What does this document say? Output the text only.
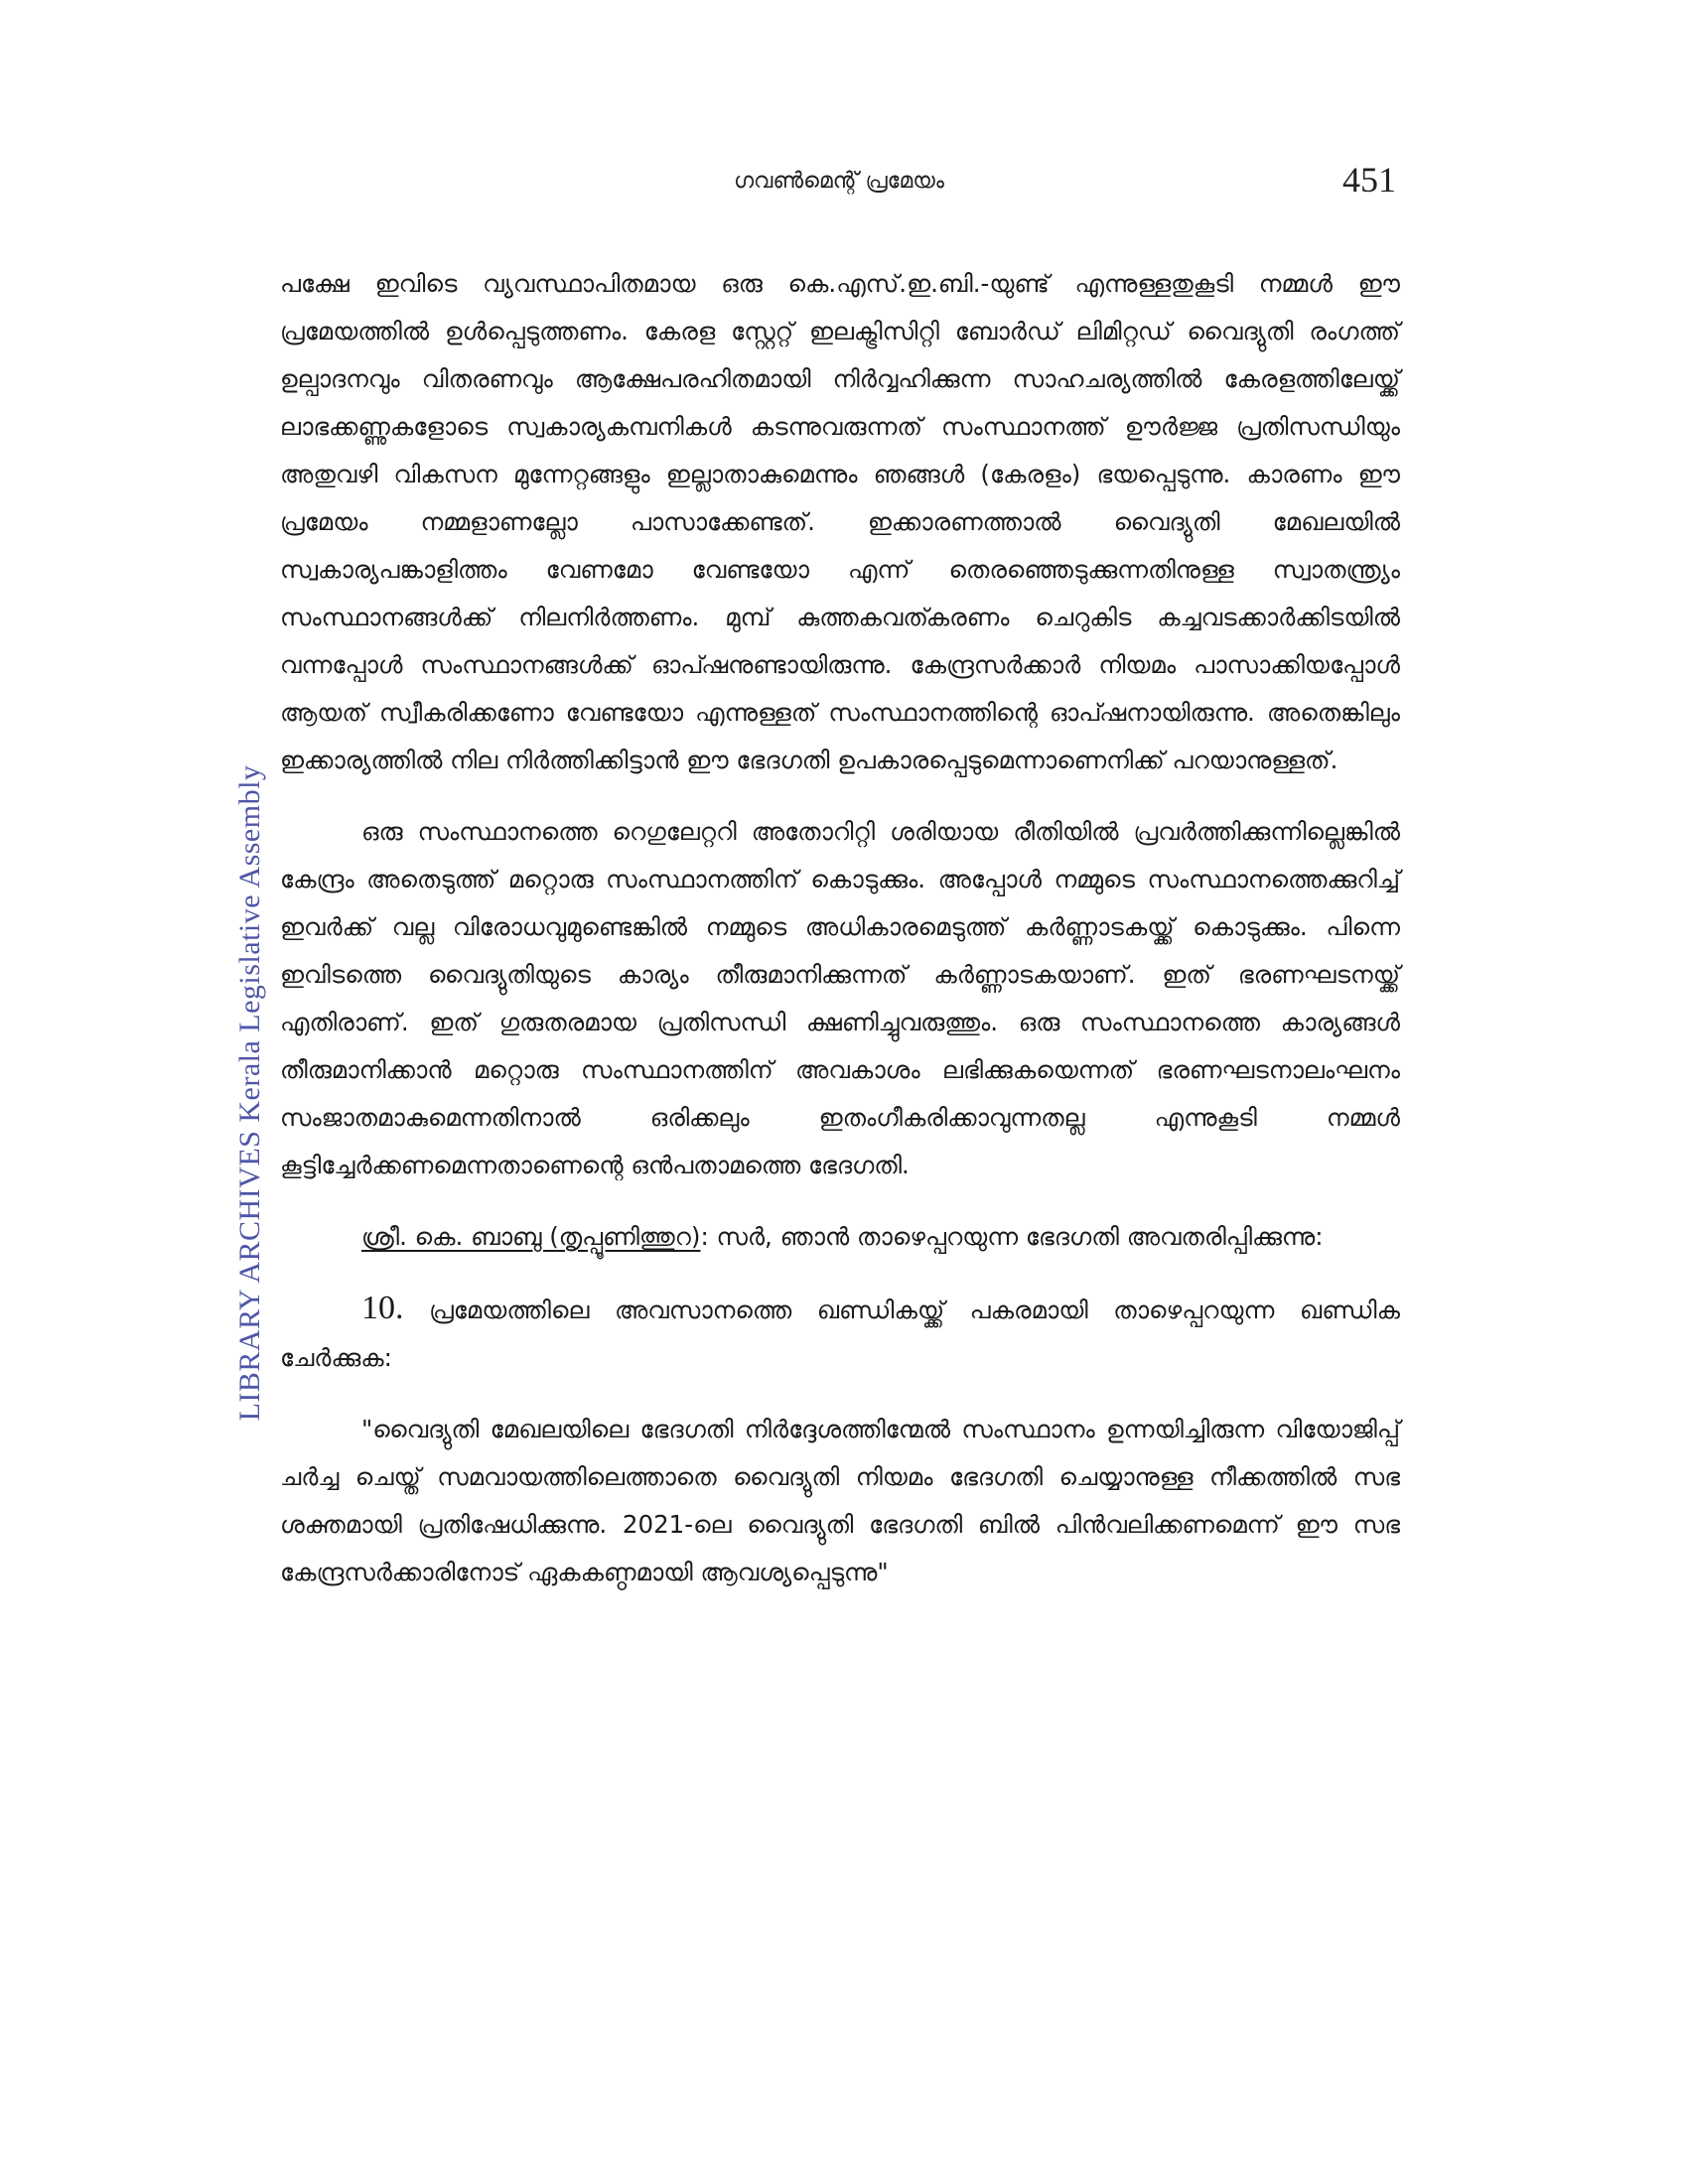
ഗവൺമെന്റ് പ്രമേയം	451
LIBRARY ARCHIVES Kerala Legislative Assembly

പക്ഷേ ഇവിടെ വ്യവസ്ഥാപിതമായ ഒരു കെ.എസ്.ഇ.ബി.-യുണ്ട് എന്നുള്ളതുകൂടി നമ്മൾ ഈ പ്രമേയത്തിൽ ഉൾപ്പെടുത്തണം. കേരള സ്റ്റേറ്റ് ഇലക്ട്രിസിറ്റി ബോർഡ് ലിമിറ്റഡ് വൈദ്യുതി രംഗത്ത് ഉല്പാദനവും വിതരണവും ആക്ഷേപരഹിതമായി നിർവ്വഹിക്കുന്ന സാഹചര്യത്തിൽ കേരളത്തിലേയ്ക്ക് ലാഭക്കണ്ണുകളോടെ സ്വകാര്യകമ്പനികൾ കടന്നുവരുന്നത് സംസ്ഥാനത്ത് ഊർജ്ജ പ്രതിസന്ധിയും അതുവഴി വികസന മുന്നേറ്റങ്ങളും ഇല്ലാതാകുമെന്നും ഞങ്ങൾ (കേരളം) ഭയപ്പെടുന്നു. കാരണം ഈ പ്രമേയം നമ്മളാണല്ലോ പാസാക്കേണ്ടത്. ഇക്കാരണത്താൽ വൈദ്യുതി മേഖലയിൽ സ്വകാര്യപങ്കാളിത്തം വേണമോ വേണ്ടയോ എന്ന് തെരഞ്ഞെടുക്കുന്നതിനുള്ള സ്വാതന്ത്ര്യം സംസ്ഥാനങ്ങൾക്ക് നിലനിർത്തണം. മുമ്പ് കുത്തകവത്കരണം ചെറുകിട കച്ചവടക്കാർക്കിടയിൽ വന്നപ്പോൾ സംസ്ഥാനങ്ങൾക്ക് ഓപ്ഷനുണ്ടായിരുന്നു. കേന്ദ്രസർക്കാർ നിയമം പാസാക്കിയപ്പോൾ ആയത് സ്വീകരിക്കണോ വേണ്ടയോ എന്നുള്ളത് സംസ്ഥാനത്തിന്റെ ഓപ്ഷനായിരുന്നു. അതെങ്കിലും ഇക്കാര്യത്തിൽ നില നിർത്തിക്കിട്ടാൻ ഈ ഭേദഗതി ഉപകാരപ്പെടുമെന്നാണെനിക്ക് പറയാനുള്ളത്.

ഒരു സംസ്ഥാനത്തെ റെഗുലേറ്ററി അതോറിറ്റി ശരിയായ രീതിയിൽ പ്രവർത്തിക്കുന്നില്ലെങ്കിൽ കേന്ദ്രം അതെടുത്ത് മറ്റൊരു സംസ്ഥാനത്തിന് കൊടുക്കും. അപ്പോൾ നമ്മുടെ സംസ്ഥാനത്തെക്കുറിച്ച് ഇവർക്ക് വല്ല വിരോധവുമുണ്ടെങ്കിൽ നമ്മുടെ അധികാരമെടുത്ത് കർണ്ണാടകയ്ക്ക് കൊടുക്കും. പിന്നെ ഇവിടത്തെ വൈദ്യുതിയുടെ കാര്യം തീരുമാനിക്കുന്നത് കർണ്ണാടകയാണ്. ഇത് ഭരണഘടനയ്ക്ക് എതിരാണ്. ഇത് ഗുരുതരമായ പ്രതിസന്ധി ക്ഷണിച്ചുവരുത്തും. ഒരു സംസ്ഥാനത്തെ കാര്യങ്ങൾ തീരുമാനിക്കാൻ മറ്റൊരു സംസ്ഥാനത്തിന് അവകാശം ലഭിക്കുകയെന്നത് ഭരണഘടനാലംഘനം സംജാതമാകുമെന്നതിനാൽ ഒരിക്കലും ഇതംഗീകരിക്കാവുന്നതല്ല എന്നുകൂടി നമ്മൾ കൂട്ടിച്ചേർക്കണമെന്നതാണെന്റെ ഒൻപതാമത്തെ ഭേദഗതി.

ശ്രീ. കെ. ബാബു (തൃപ്പൂണിത്തുറ): സർ, ഞാൻ താഴെപ്പറയുന്ന ഭേദഗതി അവതരിപ്പിക്കുന്നു:

10. പ്രമേയത്തിലെ അവസാനത്തെ ഖണ്ഡികയ്ക്ക് പകരമായി താഴെപ്പറയുന്ന ഖണ്ഡിക ചേർക്കുക:

"വൈദ്യുതി മേഖലയിലെ ഭേദഗതി നിർദ്ദേശത്തിന്മേൽ സംസ്ഥാനം ഉന്നയിച്ചിരുന്ന വിയോജിപ്പ് ചർച്ച ചെയ്ത് സമവായത്തിലെത്താതെ വൈദ്യുതി നിയമം ഭേദഗതി ചെയ്യാനുള്ള നീക്കത്തിൽ സഭ ശക്തമായി പ്രതിഷേധിക്കുന്നു. 2021-ലെ വൈദ്യുതി ഭേദഗതി ബിൽ പിൻവലിക്കണമെന്ന് ഈ സഭ കേന്ദ്രസർക്കാരിനോട് ഏകകണ്ഠമായി ആവശ്യപ്പെടുന്നു"
